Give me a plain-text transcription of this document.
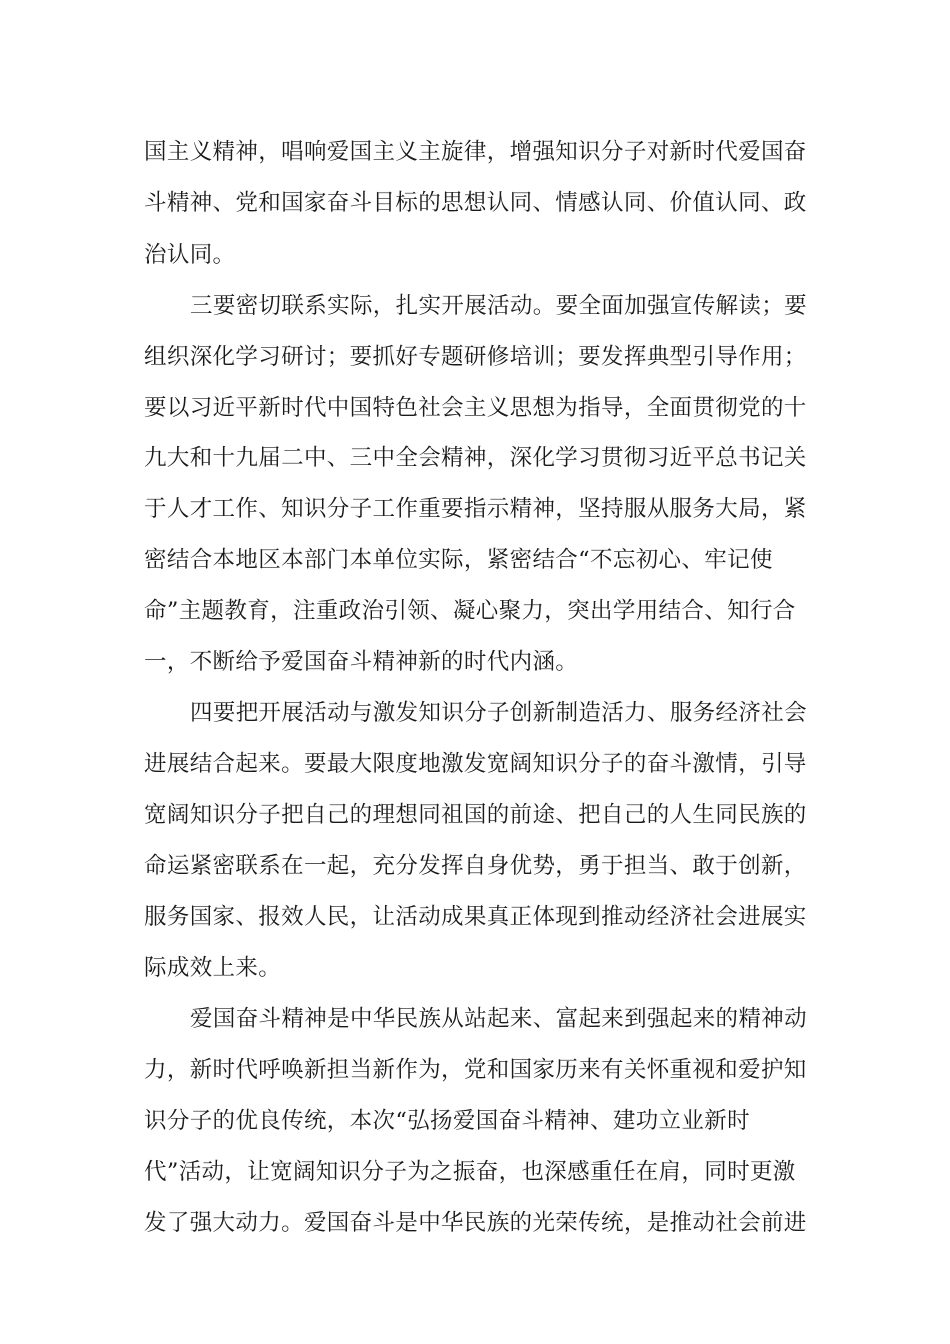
国主义精神，唱响爱国主义主旋律，增强知识分子对新时代爱国奋
斗精神、党和国家奋斗目标的思想认同、情感认同、价值认同、政
治认同。
三要密切联系实际，扎实开展活动。要全面加强宣传解读；要
组织深化学习研讨；要抓好专题研修培训；要发挥典型引导作用；
要以习近平新时代中国特色社会主义思想为指导，全面贯彻党的十
九大和十九届二中、三中全会精神，深化学习贯彻习近平总书记关
于人才工作、知识分子工作重要指示精神，坚持服从服务大局，紧
密结合本地区本部门本单位实际，紧密结合“不忘初心、牢记使
命”主题教育，注重政治引领、凝心聚力，突出学用结合、知行合
一，不断给予爱国奋斗精神新的时代内涵。
四要把开展活动与激发知识分子创新制造活力、服务经济社会
进展结合起来。要最大限度地激发宽阔知识分子的奋斗激情，引导
宽阔知识分子把自己的理想同祖国的前途、把自己的人生同民族的
命运紧密联系在一起，充分发挥自身优势，勇于担当、敢于创新，
服务国家、报效人民，让活动成果真正体现到推动经济社会进展实
际成效上来。
爱国奋斗精神是中华民族从站起来、富起来到强起来的精神动
力，新时代呼唤新担当新作为，党和国家历来有关怀重视和爱护知
识分子的优良传统，本次“弘扬爱国奋斗精神、建功立业新时
代”活动，让宽阔知识分子为之振奋，也深感重任在肩，同时更激
发了强大动力。爱国奋斗是中华民族的光荣传统，是推动社会前进
